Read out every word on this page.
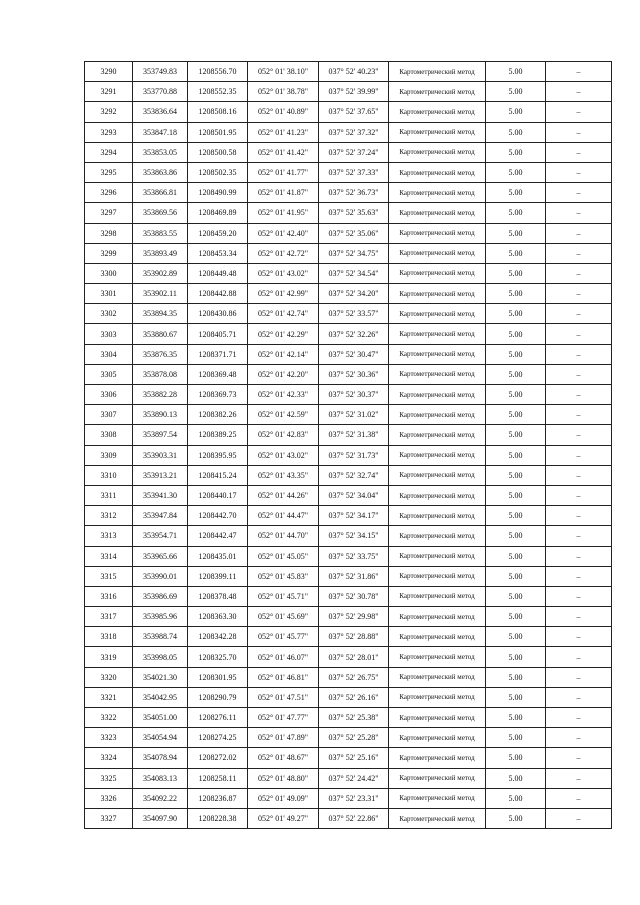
3290	353749.83	1208556.70	052° 01' 38.10"	037° 52' 40.23"	Картометрический метод	5.00	–
3291	353770.88	1208552.35	052° 01' 38.78"	037° 52' 39.99"	Картометрический метод	5.00	–
3292	353836.64	1208508.16	052° 01' 40.89"	037° 52' 37.65"	Картометрический метод	5.00	–
3293	353847.18	1208501.95	052° 01' 41.23"	037° 52' 37.32"	Картометрический метод	5.00	–
3294	353853.05	1208500.58	052° 01' 41.42"	037° 52' 37.24"	Картометрический метод	5.00	–
3295	353863.86	1208502.35	052° 01' 41.77"	037° 52' 37.33"	Картометрический метод	5.00	–
3296	353866.81	1208490.99	052° 01' 41.87"	037° 52' 36.73"	Картометрический метод	5.00	–
3297	353869.56	1208469.89	052° 01' 41.95"	037° 52' 35.63"	Картометрический метод	5.00	–
3298	353883.55	1208459.20	052° 01' 42.40"	037° 52' 35.06"	Картометрический метод	5.00	–
3299	353893.49	1208453.34	052° 01' 42.72"	037° 52' 34.75"	Картометрический метод	5.00	–
3300	353902.89	1208449.48	052° 01' 43.02"	037° 52' 34.54"	Картометрический метод	5.00	–
3301	353902.11	1208442.88	052° 01' 42.99"	037° 52' 34.20"	Картометрический метод	5.00	–
3302	353894.35	1208430.86	052° 01' 42.74"	037° 52' 33.57"	Картометрический метод	5.00	–
3303	353880.67	1208405.71	052° 01' 42.29"	037° 52' 32.26"	Картометрический метод	5.00	–
3304	353876.35	1208371.71	052° 01' 42.14"	037° 52' 30.47"	Картометрический метод	5.00	–
3305	353878.08	1208369.48	052° 01' 42.20"	037° 52' 30.36"	Картометрический метод	5.00	–
3306	353882.28	1208369.73	052° 01' 42.33"	037° 52' 30.37"	Картометрический метод	5.00	–
3307	353890.13	1208382.26	052° 01' 42.59"	037° 52' 31.02"	Картометрический метод	5.00	–
3308	353897.54	1208389.25	052° 01' 42.83"	037° 52' 31.38"	Картометрический метод	5.00	–
3309	353903.31	1208395.95	052° 01' 43.02"	037° 52' 31.73"	Картометрический метод	5.00	–
3310	353913.21	1208415.24	052° 01' 43.35"	037° 52' 32.74"	Картометрический метод	5.00	–
3311	353941.30	1208440.17	052° 01' 44.26"	037° 52' 34.04"	Картометрический метод	5.00	–
3312	353947.84	1208442.70	052° 01' 44.47"	037° 52' 34.17"	Картометрический метод	5.00	–
3313	353954.71	1208442.47	052° 01' 44.70"	037° 52' 34.15"	Картометрический метод	5.00	–
3314	353965.66	1208435.01	052° 01' 45.05"	037° 52' 33.75"	Картометрический метод	5.00	–
3315	353990.01	1208399.11	052° 01' 45.83"	037° 52' 31.86"	Картометрический метод	5.00	–
3316	353986.69	1208378.48	052° 01' 45.71"	037° 52' 30.78"	Картометрический метод	5.00	–
3317	353985.96	1208363.30	052° 01' 45.69"	037° 52' 29.98"	Картометрический метод	5.00	–
3318	353988.74	1208342.28	052° 01' 45.77"	037° 52' 28.88"	Картометрический метод	5.00	–
3319	353998.05	1208325.70	052° 01' 46.07"	037° 52' 28.01"	Картометрический метод	5.00	–
3320	354021.30	1208301.95	052° 01' 46.81"	037° 52' 26.75"	Картометрический метод	5.00	–
3321	354042.95	1208290.79	052° 01' 47.51"	037° 52' 26.16"	Картометрический метод	5.00	–
3322	354051.00	1208276.11	052° 01' 47.77"	037° 52' 25.38"	Картометрический метод	5.00	–
3323	354054.94	1208274.25	052° 01' 47.89"	037° 52' 25.28"	Картометрический метод	5.00	–
3324	354078.94	1208272.02	052° 01' 48.67"	037° 52' 25.16"	Картометрический метод	5.00	–
3325	354083.13	1208258.11	052° 01' 48.80"	037° 52' 24.42"	Картометрический метод	5.00	–
3326	354092.22	1208236.87	052° 01' 49.09"	037° 52' 23.31"	Картометрический метод	5.00	–
3327	354097.90	1208228.38	052° 01' 49.27"	037° 52' 22.86"	Картометрический метод	5.00	–
